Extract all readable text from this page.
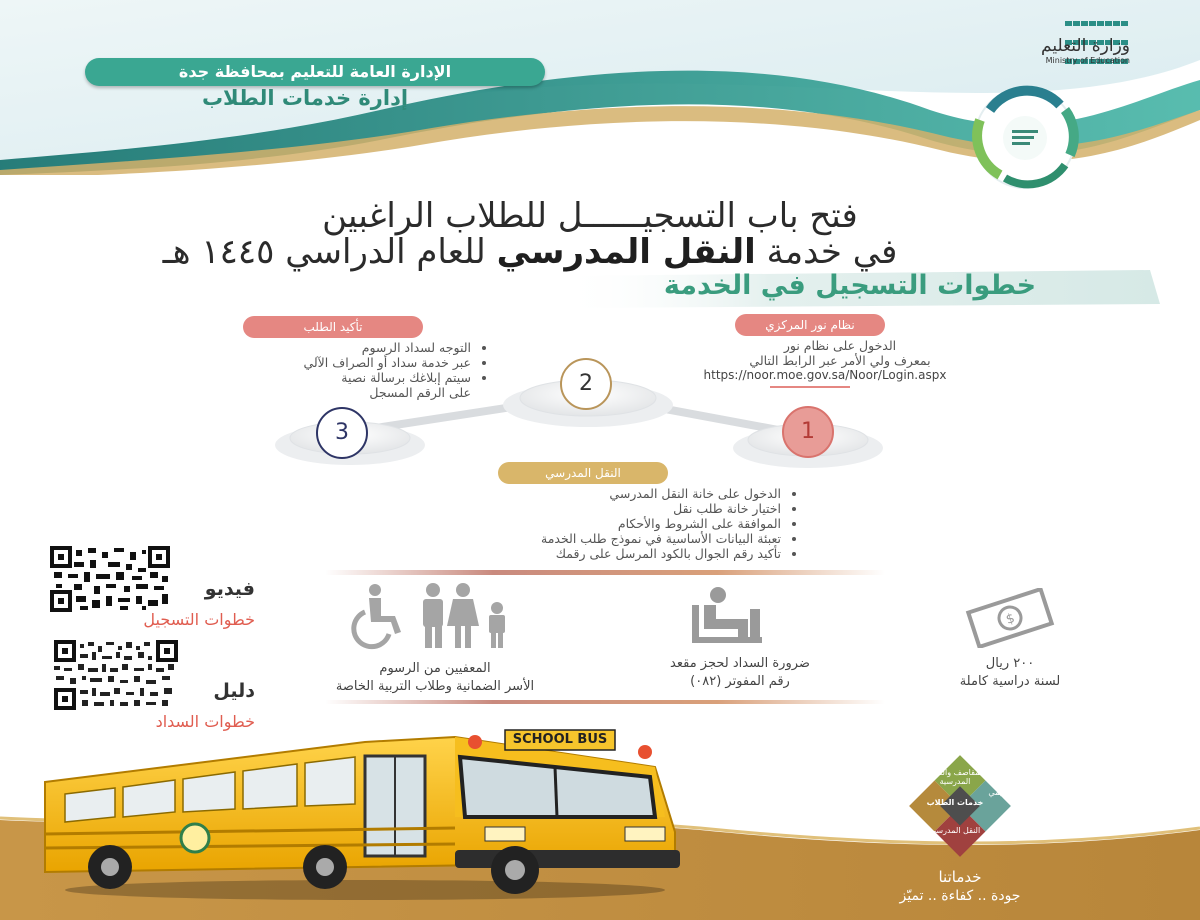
الإدارة العامة للتعليم بمحافظة جدة
إدارة خدمات الطلاب
وزارة التعليم
Ministry of Education
فتح باب التسجيــــــل للطلاب الراغبين
في خدمة النقل المدرسي للعام الدراسي ١٤٤٥ هـ
خطوات التسجيل في الخدمة
3
2
1
نظام نور المركزي
الدخول على نظام نور
بمعرف ولي الأمر عبر الرابط التالي
https://noor.moe.gov.sa/Noor/Login.aspx
تأكيد الطلب
• التوجه لسداد الرسوم
• عبر خدمة سداد أو الصراف الآلي
• سيتم إبلاغك برسالة نصية
على الرقم المسجل
النقل المدرسي
• الدخول على خانة النقل المدرسي
• اختيار خانة طلب نقل
• الموافقة على الشروط والأحكام
• تعبئة البيانات الأساسية في نموذج طلب الخدمة
• تأكيد رقم الجوال بالكود المرسل على رقمك
فيديو
خطوات التسجيل
دليل
خطوات السداد
$
٢٠٠ ريال
لسنة دراسية كاملة
ضرورة السداد لحجز مقعد
رقم المفوتر (٠٨٢)
المعفيين من الرسوم
الأسر الضمانية وطلاب التربية الخاصة
SCHOOL BUS
المقاصف والتغذية المدرسية
صندوق التعليمي
خدمات الطلاب
المكافآت والإعانات
النقل المدرسي
خدماتنا
جودة .. كفاءة .. تميّز
